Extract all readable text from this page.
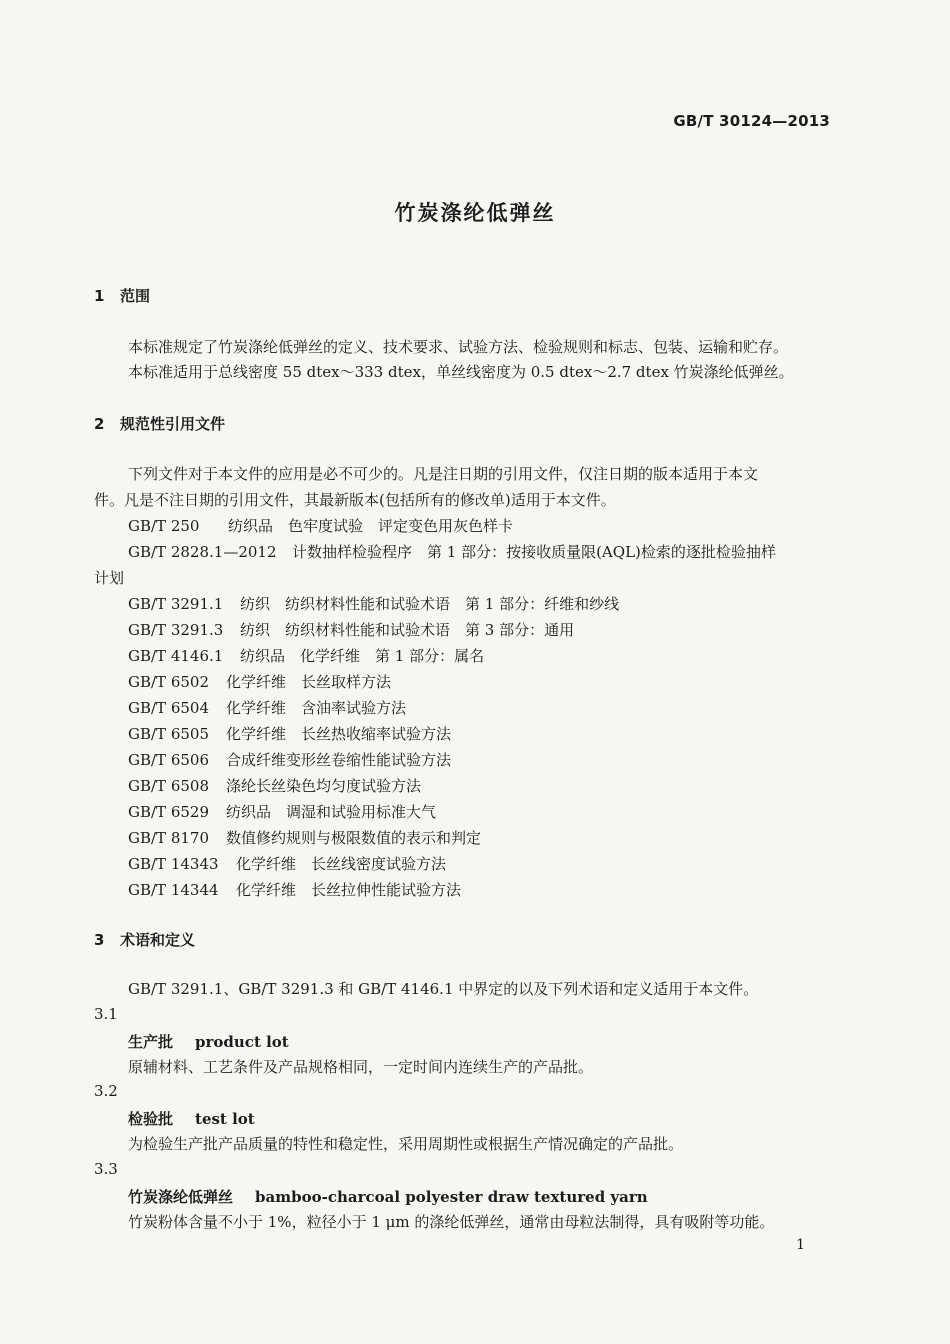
GB/T 30124—2013
竹炭涤纶低弹丝
1 范围
本标准规定了竹炭涤纶低弹丝的定义、技术要求、试验方法、检验规则和标志、包装、运输和贮存。
本标准适用于总线密度 55 dtex～333 dtex，单丝线密度为 0.5 dtex～2.7 dtex 竹炭涤纶低弹丝。
2 规范性引用文件
下列文件对于本文件的应用是必不可少的。凡是注日期的引用文件，仅注日期的版本适用于本文
件。凡是不注日期的引用文件，其最新版本(包括所有的修改单)适用于本文件。
GB/T 250 纺织品　色牢度试验　评定变色用灰色样卡
GB/T 2828.1—2012 计数抽样检验程序　第 1 部分：按接收质量限(AQL)检索的逐批检验抽样
计划
GB/T 3291.1 纺织　纺织材料性能和试验术语　第 1 部分：纤维和纱线
GB/T 3291.3 纺织　纺织材料性能和试验术语　第 3 部分：通用
GB/T 4146.1 纺织品　化学纤维　第 1 部分：属名
GB/T 6502 化学纤维　长丝取样方法
GB/T 6504 化学纤维　含油率试验方法
GB/T 6505 化学纤维　长丝热收缩率试验方法
GB/T 6506 合成纤维变形丝卷缩性能试验方法
GB/T 6508 涤纶长丝染色均匀度试验方法
GB/T 6529 纺织品　调湿和试验用标准大气
GB/T 8170 数值修约规则与极限数值的表示和判定
GB/T 14343 化学纤维　长丝线密度试验方法
GB/T 14344 化学纤维　长丝拉伸性能试验方法
3 术语和定义
GB/T 3291.1、GB/T 3291.3 和 GB/T 4146.1 中界定的以及下列术语和定义适用于本文件。
3.1
生产批 product lot
原辅材料、工艺条件及产品规格相同，一定时间内连续生产的产品批。
3.2
检验批 test lot
为检验生产批产品质量的特性和稳定性，采用周期性或根据生产情况确定的产品批。
3.3
竹炭涤纶低弹丝 bamboo-charcoal polyester draw textured yarn
竹炭粉体含量不小于 1%，粒径小于 1 μm 的涤纶低弹丝，通常由母粒法制得，具有吸附等功能。
1
